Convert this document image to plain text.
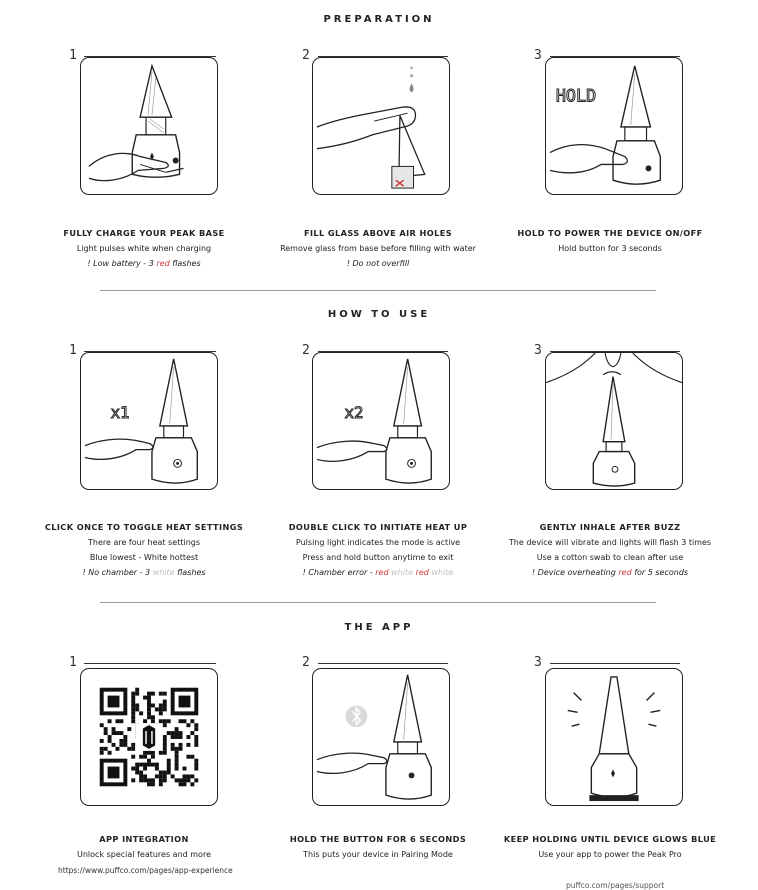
PREPARATION
1	2	3
HOLD
FULLY CHARGE YOUR PEAK BASE
Light pulses white when charging
! Low battery - 3 red flashes
FILL GLASS ABOVE AIR HOLES
Remove glass from base before filling with water
! Do not overfill
HOLD TO POWER THE DEVICE ON/OFF
Hold button for 3 seconds
HOW TO USE
1	2	3
x1	x2
CLICK ONCE TO TOGGLE HEAT SETTINGS
There are four heat settings
Blue lowest - White hottest
! No chamber - 3 white flashes
DOUBLE CLICK TO INITIATE HEAT UP
Pulsing light indicates the mode is active
Press and hold button anytime to exit
! Chamber error - red white red white
GENTLY INHALE AFTER BUZZ
The device will vibrate and lights will flash 3 times
Use a cotton swab to clean after use
! Device overheating red for 5 seconds
THE APP
1	2	3
APP INTEGRATION
Unlock special features and more
https://www.puffco.com/pages/app-experience
HOLD THE BUTTON FOR 6 SECONDS
This puts your device in Pairing Mode
KEEP HOLDING UNTIL DEVICE GLOWS BLUE
Use your app to power the Peak Pro
puffco.com/pages/support
